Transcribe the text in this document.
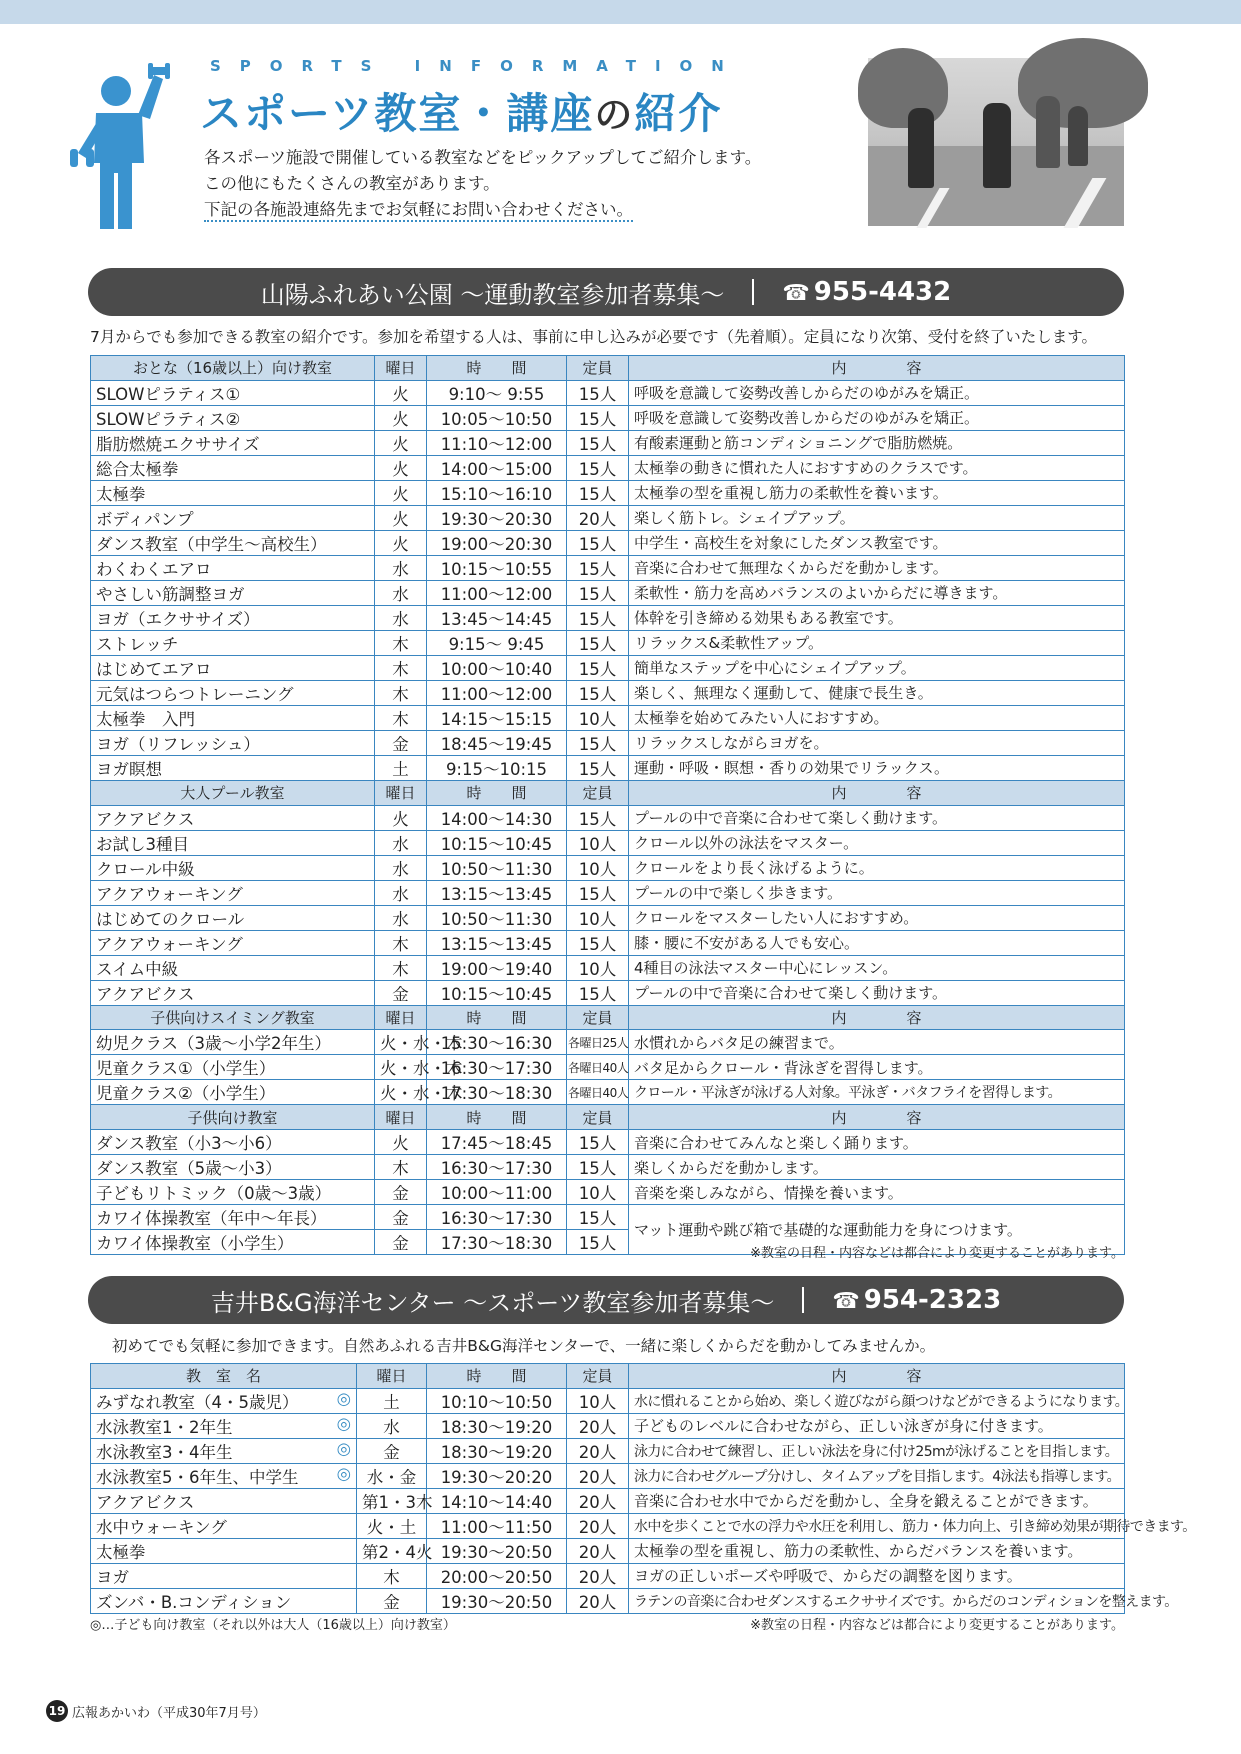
SPORTS INFORMATION
スポーツ教室・講座の紹介
各スポーツ施設で開催している教室などをピックアップしてご紹介します。
この他にもたくさんの教室があります。
下記の各施設連絡先までお気軽にお問い合わせください。
山陽ふれあい公園 〜運動教室参加者募集〜	☎ 955-4432
7月からでも参加できる教室の紹介です。参加を希望する人は、事前に申し込みが必要です（先着順）。定員になり次第、受付を終了いたします。
おとな（16歳以上）向け教室	曜日	時　　間	定員	内　　　　容
SLOWピラティス①	火	9:10〜 9:55	15人	呼吸を意識して姿勢改善しからだのゆがみを矯正。
SLOWピラティス②	火	10:05〜10:50	15人	呼吸を意識して姿勢改善しからだのゆがみを矯正。
脂肪燃焼エクササイズ	火	11:10〜12:00	15人	有酸素運動と筋コンディショニングで脂肪燃焼。
総合太極拳	火	14:00〜15:00	15人	太極拳の動きに慣れた人におすすめのクラスです。
太極拳	火	15:10〜16:10	15人	太極拳の型を重視し筋力の柔軟性を養います。
ボディパンプ	火	19:30〜20:30	20人	楽しく筋トレ。シェイプアップ。
ダンス教室（中学生〜高校生）	火	19:00〜20:30	15人	中学生・高校生を対象にしたダンス教室です。
わくわくエアロ	水	10:15〜10:55	15人	音楽に合わせて無理なくからだを動かします。
やさしい筋調整ヨガ	水	11:00〜12:00	15人	柔軟性・筋力を高めバランスのよいからだに導きます。
ヨガ（エクササイズ）	水	13:45〜14:45	15人	体幹を引き締める効果もある教室です。
ストレッチ	木	9:15〜 9:45	15人	リラックス&柔軟性アップ。
はじめてエアロ	木	10:00〜10:40	15人	簡単なステップを中心にシェイプアップ。
元気はつらつトレーニング	木	11:00〜12:00	15人	楽しく、無理なく運動して、健康で長生き。
太極拳　入門	木	14:15〜15:15	10人	太極拳を始めてみたい人におすすめ。
ヨガ（リフレッシュ）	金	18:45〜19:45	15人	リラックスしながらヨガを。
ヨガ瞑想	土	9:15〜10:15	15人	運動・呼吸・瞑想・香りの効果でリラックス。
大人プール教室	曜日	時　　間	定員	内　　　　容
アクアビクス	火	14:00〜14:30	15人	プールの中で音楽に合わせて楽しく動けます。
お試し3種目	水	10:15〜10:45	10人	クロール以外の泳法をマスター。
クロール中級	水	10:50〜11:30	10人	クロールをより長く泳げるように。
アクアウォーキング	水	13:15〜13:45	15人	プールの中で楽しく歩きます。
はじめてのクロール	水	10:50〜11:30	10人	クロールをマスターしたい人におすすめ。
アクアウォーキング	木	13:15〜13:45	15人	膝・腰に不安がある人でも安心。
スイム中級	木	19:00〜19:40	10人	4種目の泳法マスター中心にレッスン。
アクアビクス	金	10:15〜10:45	15人	プールの中で音楽に合わせて楽しく動けます。
子供向けスイミング教室	曜日	時　　間	定員	内　　　　容
幼児クラス（3歳〜小学2年生）	火・水・木	15:30〜16:30	各曜日25人	水慣れからバタ足の練習まで。
児童クラス①（小学生）	火・水・木	16:30〜17:30	各曜日40人	バタ足からクロール・背泳ぎを習得します。
児童クラス②（小学生）	火・水・木	17:30〜18:30	各曜日40人	クロール・平泳ぎが泳げる人対象。平泳ぎ・バタフライを習得します。
子供向け教室	曜日	時　　間	定員	内　　　　容
ダンス教室（小3〜小6）	火	17:45〜18:45	15人	音楽に合わせてみんなと楽しく踊ります。
ダンス教室（5歳〜小3）	木	16:30〜17:30	15人	楽しくからだを動かします。
子どもリトミック（0歳〜3歳）	金	10:00〜11:00	10人	音楽を楽しみながら、情操を養います。
カワイ体操教室（年中〜年長）	金	16:30〜17:30	15人	マット運動や跳び箱で基礎的な運動能力を身につけます。
カワイ体操教室（小学生）	金	17:30〜18:30	15人	
※教室の日程・内容などは都合により変更することがあります。
吉井B&G海洋センター 〜スポーツ教室参加者募集〜	☎ 954-2323
初めてでも気軽に参加できます。自然あふれる吉井B&G海洋センターで、一緒に楽しくからだを動かしてみませんか。
教　室　名	曜日	時　　間	定員	内　　　　容
みずなれ教室（4・5歳児） ◎	土	10:10〜10:50	10人	水に慣れることから始め、楽しく遊びながら顔つけなどができるようになります。
水泳教室1・2年生 ◎	水	18:30〜19:20	20人	子どものレベルに合わせながら、正しい泳ぎが身に付きます。
水泳教室3・4年生 ◎	金	18:30〜19:20	20人	泳力に合わせて練習し、正しい泳法を身に付け25mが泳げることを目指します。
水泳教室5・6年生、中学生 ◎	水・金	19:30〜20:20	20人	泳力に合わせグループ分けし、タイムアップを目指します。4泳法も指導します。
アクアビクス	第1・3木	14:10〜14:40	20人	音楽に合わせ水中でからだを動かし、全身を鍛えることができます。
水中ウォーキング	火・土	11:00〜11:50	20人	水中を歩くことで水の浮力や水圧を利用し、筋力・体力向上、引き締め効果が期待できます。
太極拳	第2・4火	19:30〜20:50	20人	太極拳の型を重視し、筋力の柔軟性、からだバランスを養います。
ヨガ	木	20:00〜20:50	20人	ヨガの正しいポーズや呼吸で、からだの調整を図ります。
ズンバ・B.コンディション	金	19:30〜20:50	20人	ラテンの音楽に合わせダンスするエクササイズです。からだのコンディションを整えます。
◎…子ども向け教室（それ以外は大人（16歳以上）向け教室）	※教室の日程・内容などは都合により変更することがあります。
19 広報あかいわ（平成30年7月号）
